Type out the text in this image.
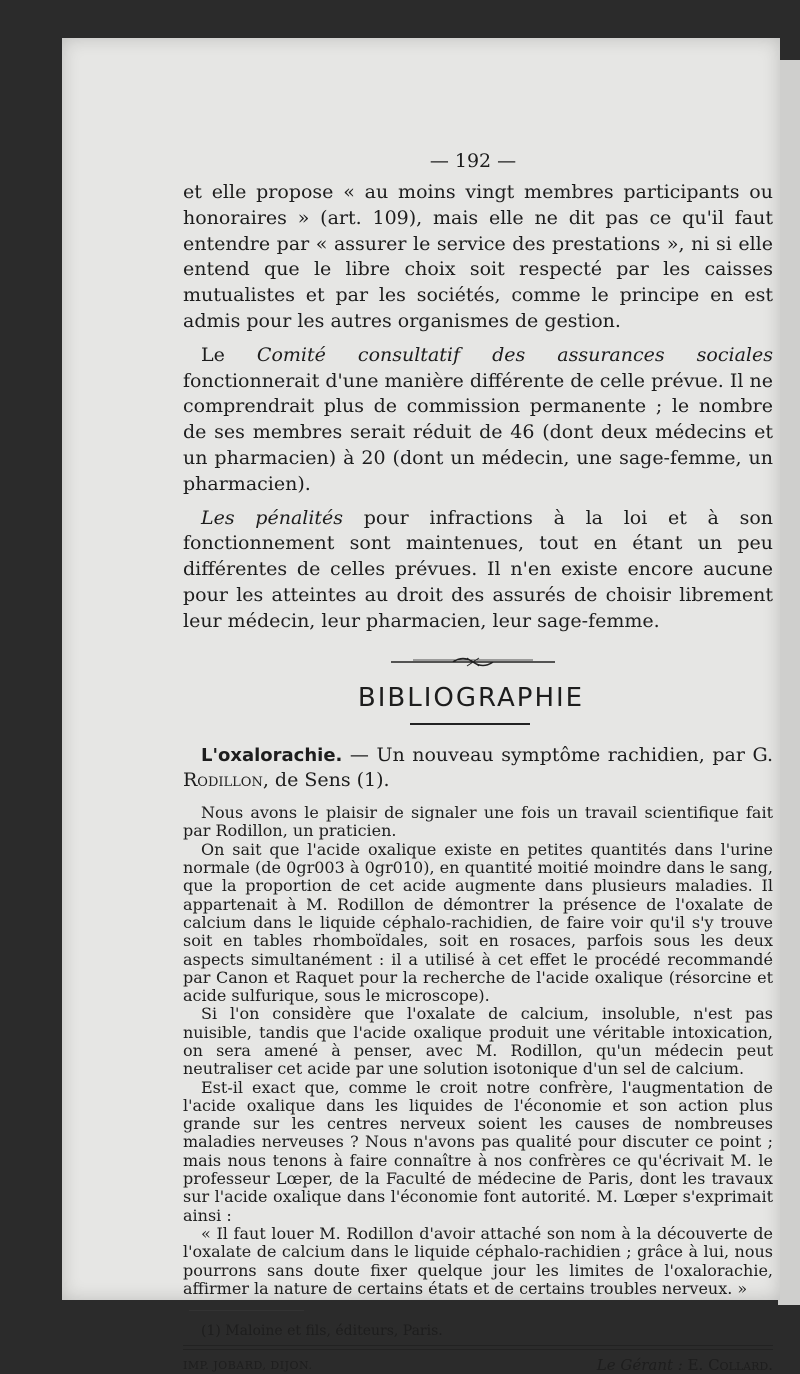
— 192 —

et elle propose « au moins vingt membres participants ou honoraires » (art. 109), mais elle ne dit pas ce qu'il faut entendre par « assurer le service des prestations », ni si elle entend que le libre choix soit respecté par les caisses mutualistes et par les sociétés, comme le principe en est admis pour les autres organismes de gestion.

Le Comité consultatif des assurances sociales fonctionnerait d'une manière différente de celle prévue. Il ne comprendrait plus de commission permanente ; le nombre de ses membres serait réduit de 46 (dont deux médecins et un pharmacien) à 20 (dont un médecin, une sage-femme, un pharmacien).

Les pénalités pour infractions à la loi et à son fonctionnement sont maintenues, tout en étant un peu différentes de celles prévues. Il n'en existe encore aucune pour les atteintes au droit des assurés de choisir librement leur médecin, leur pharmacien, leur sage-femme.

BIBLIOGRAPHIE

L'oxalorachie. — Un nouveau symptôme rachidien, par G. Rodillon, de Sens (1).

Nous avons le plaisir de signaler une fois un travail scientifique fait par Rodillon, un praticien.

On sait que l'acide oxalique existe en petites quantités dans l'urine normale (de 0gr003 à 0gr010), en quantité moitié moindre dans le sang, que la proportion de cet acide augmente dans plusieurs maladies. Il appartenait à M. Rodillon de démontrer la présence de l'oxalate de calcium dans le liquide céphalo-rachidien, de faire voir qu'il s'y trouve soit en tables rhomboïdales, soit en rosaces, parfois sous les deux aspects simultanément : il a utilisé à cet effet le procédé recommandé par Canon et Raquet pour la recherche de l'acide oxalique (résorcine et acide sulfurique, sous le microscope).

Si l'on considère que l'oxalate de calcium, insoluble, n'est pas nuisible, tandis que l'acide oxalique produit une véritable intoxication, on sera amené à penser, avec M. Rodillon, qu'un médecin peut neutraliser cet acide par une solution isotonique d'un sel de calcium.

Est-il exact que, comme le croit notre confrère, l'augmentation de l'acide oxalique dans les liquides de l'économie et son action plus grande sur les centres nerveux soient les causes de nombreuses maladies nerveuses ? Nous n'avons pas qualité pour discuter ce point ; mais nous tenons à faire connaître à nos confrères ce qu'écrivait M. le professeur Lœper, de la Faculté de médecine de Paris, dont les travaux sur l'acide oxalique dans l'économie font autorité. M. Lœper s'exprimait ainsi :

« Il faut louer M. Rodillon d'avoir attaché son nom à la découverte de l'oxalate de calcium dans le liquide céphalo-rachidien ; grâce à lui, nous pourrons sans doute fixer quelque jour les limites de l'oxalorachie, affirmer la nature de certains états et de certains troubles nerveux. »

(1) Maloine et fils, éditeurs, Paris.

IMP. JOBARD, DIJON.	Le Gérant : E. Collard.
